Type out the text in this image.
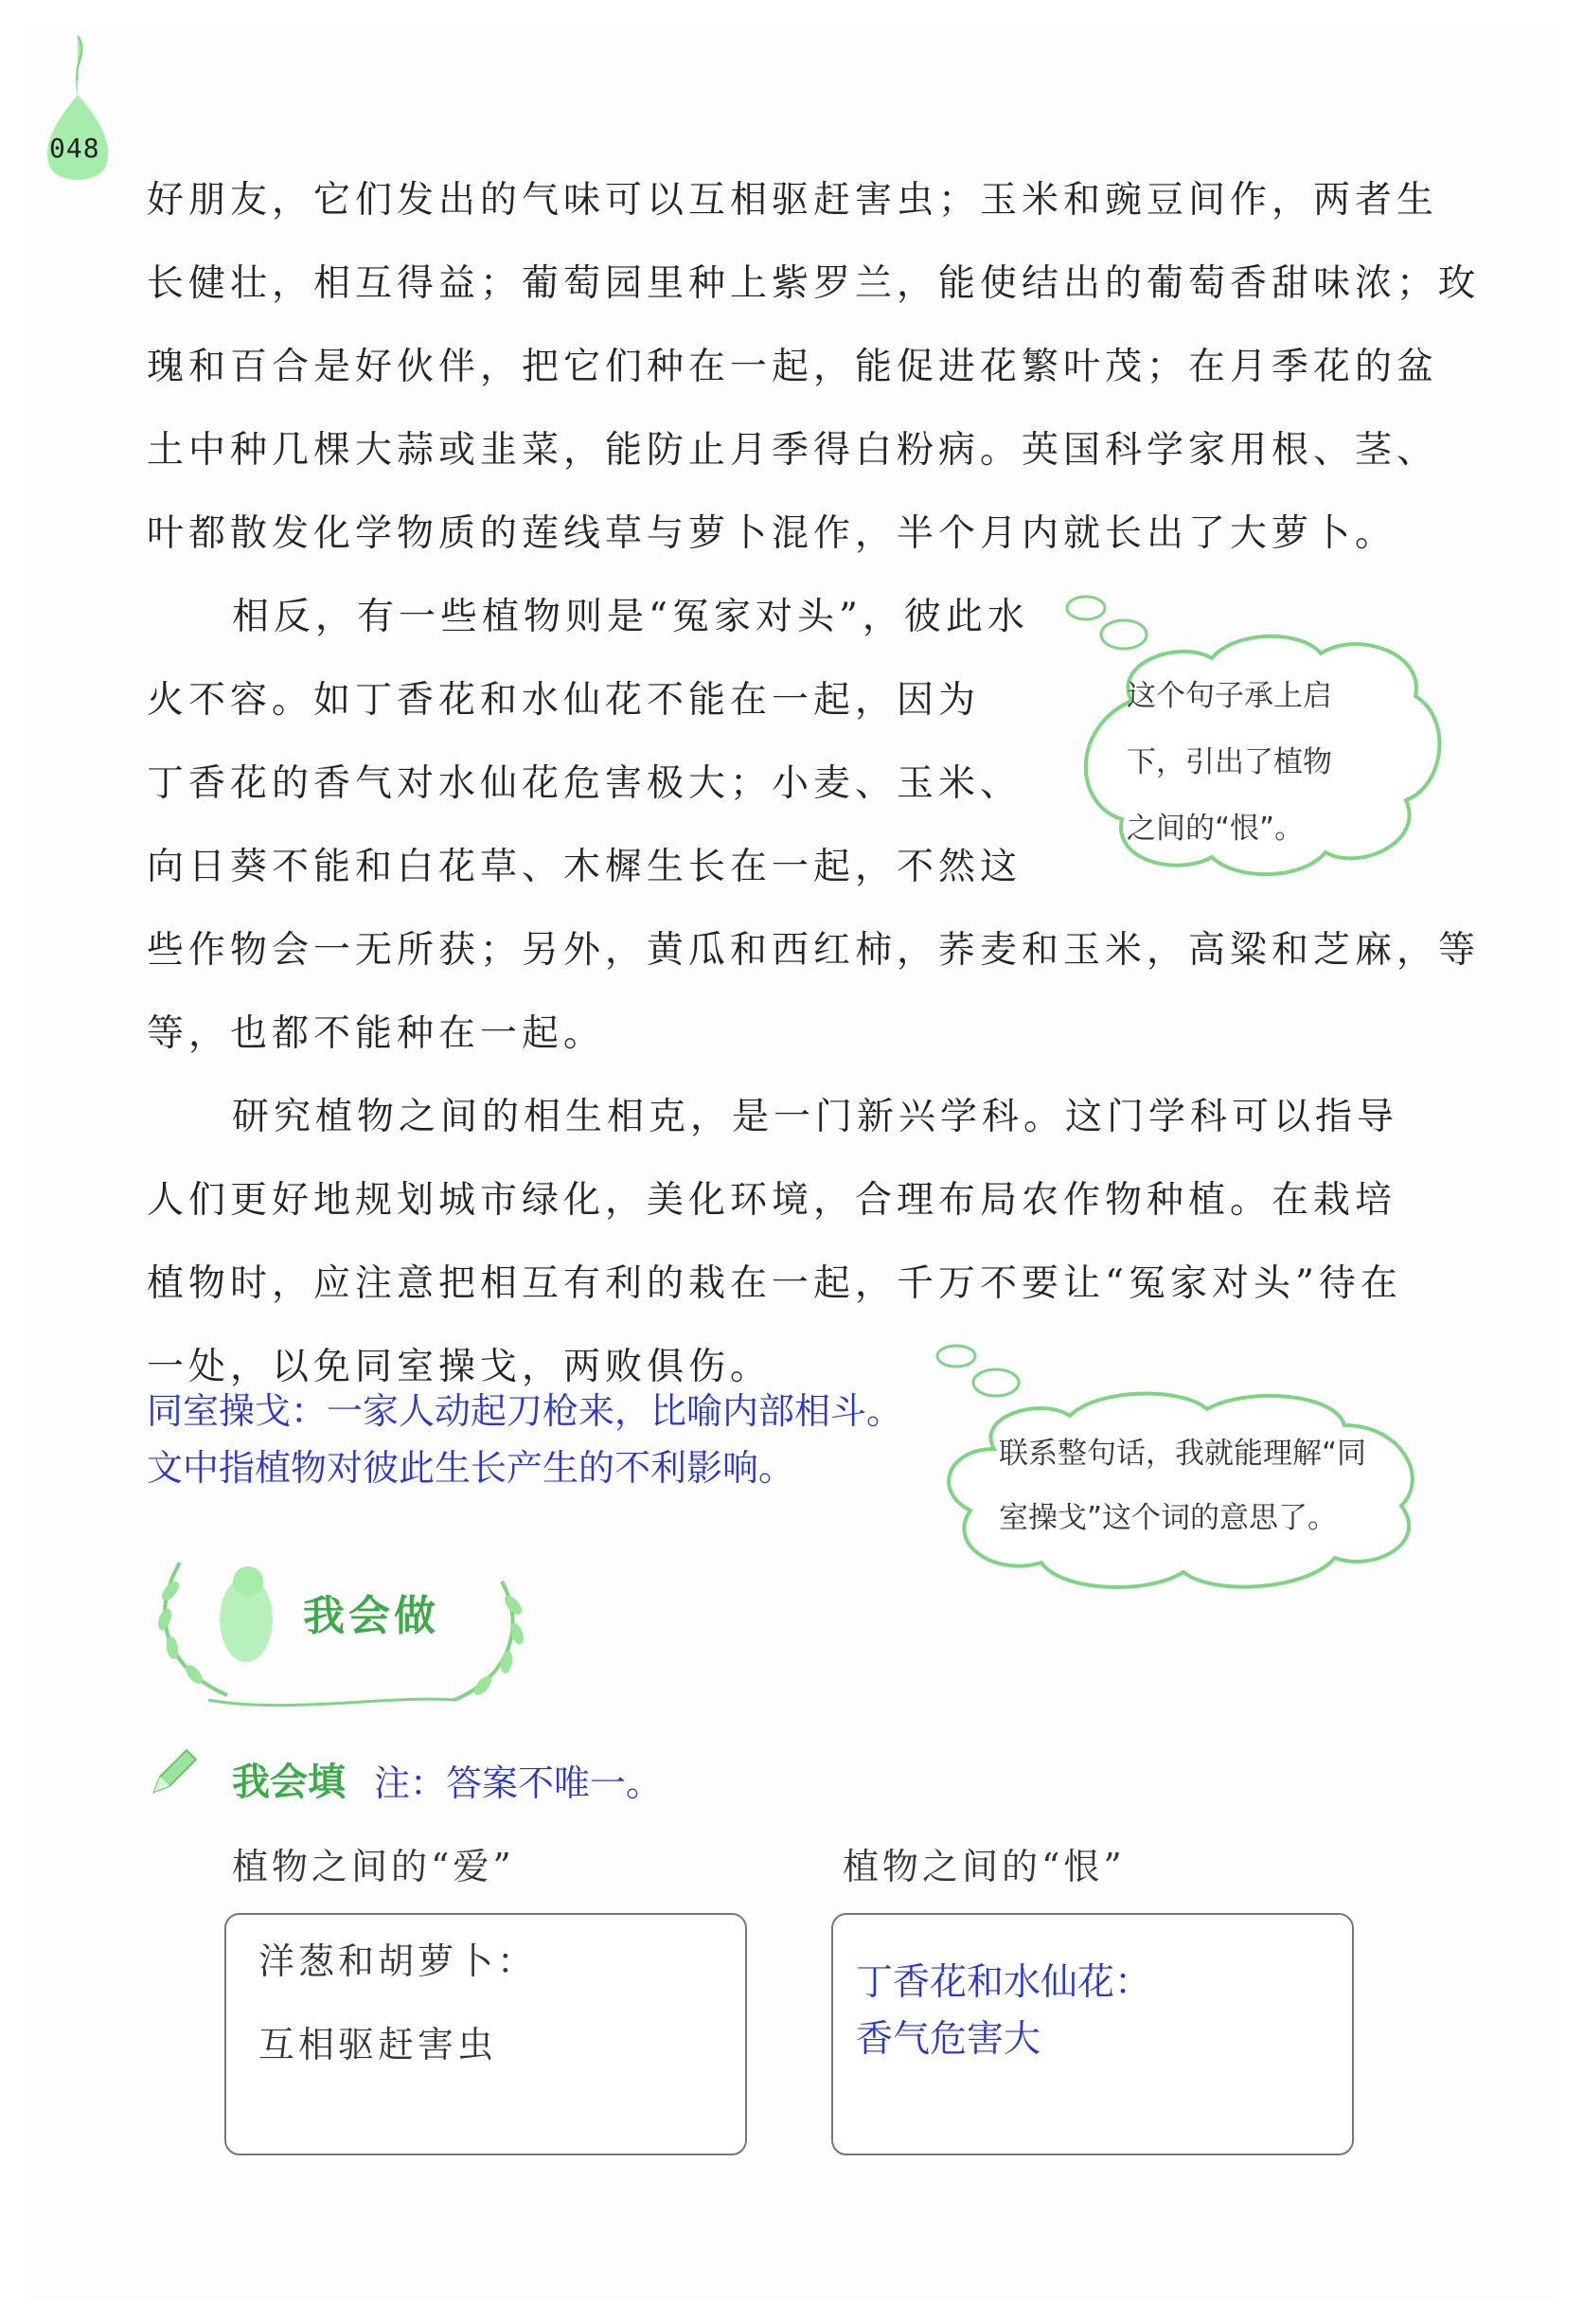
048

好朋友，它们发出的气味可以互相驱赶害虫；玉米和豌豆间作，两者生

长健壮，相互得益；葡萄园里种上紫罗兰，能使结出的葡萄香甜味浓；玫

瑰和百合是好伙伴，把它们种在一起，能促进花繁叶茂；在月季花的盆

土中种几棵大蒜或韭菜，能防止月季得白粉病。英国科学家用根、茎、

叶都散发化学物质的莲线草与萝卜混作，半个月内就长出了大萝卜。

相反，有一些植物则是“冤家对头”，彼此水

火不容。如丁香花和水仙花不能在一起，因为

丁香花的香气对水仙花危害极大；小麦、玉米、

向日葵不能和白花草、木樨生长在一起，不然这

些作物会一无所获；另外，黄瓜和西红柿，荞麦和玉米，高粱和芝麻，等

等，也都不能种在一起。

这个句子承上启
下，引出了植物
之间的“恨”。

研究植物之间的相生相克，是一门新兴学科。这门学科可以指导

人们更好地规划城市绿化，美化环境，合理布局农作物种植。在栽培

植物时，应注意把相互有利的栽在一起，千万不要让“冤家对头”待在

一处，以免同室操戈，两败俱伤。

同室操戈：一家人动起刀枪来，比喻内部相斗。

文中指植物对彼此生长产生的不利影响。	联系整句话，我就能理解“同
室操戈”这个词的意思了。
我会做
我会填 注：答案不唯一。
植物之间的“爱”	植物之间的“恨”
洋葱和胡萝卜：
互相驱赶害虫
丁香花和水仙花：
香气危害大
